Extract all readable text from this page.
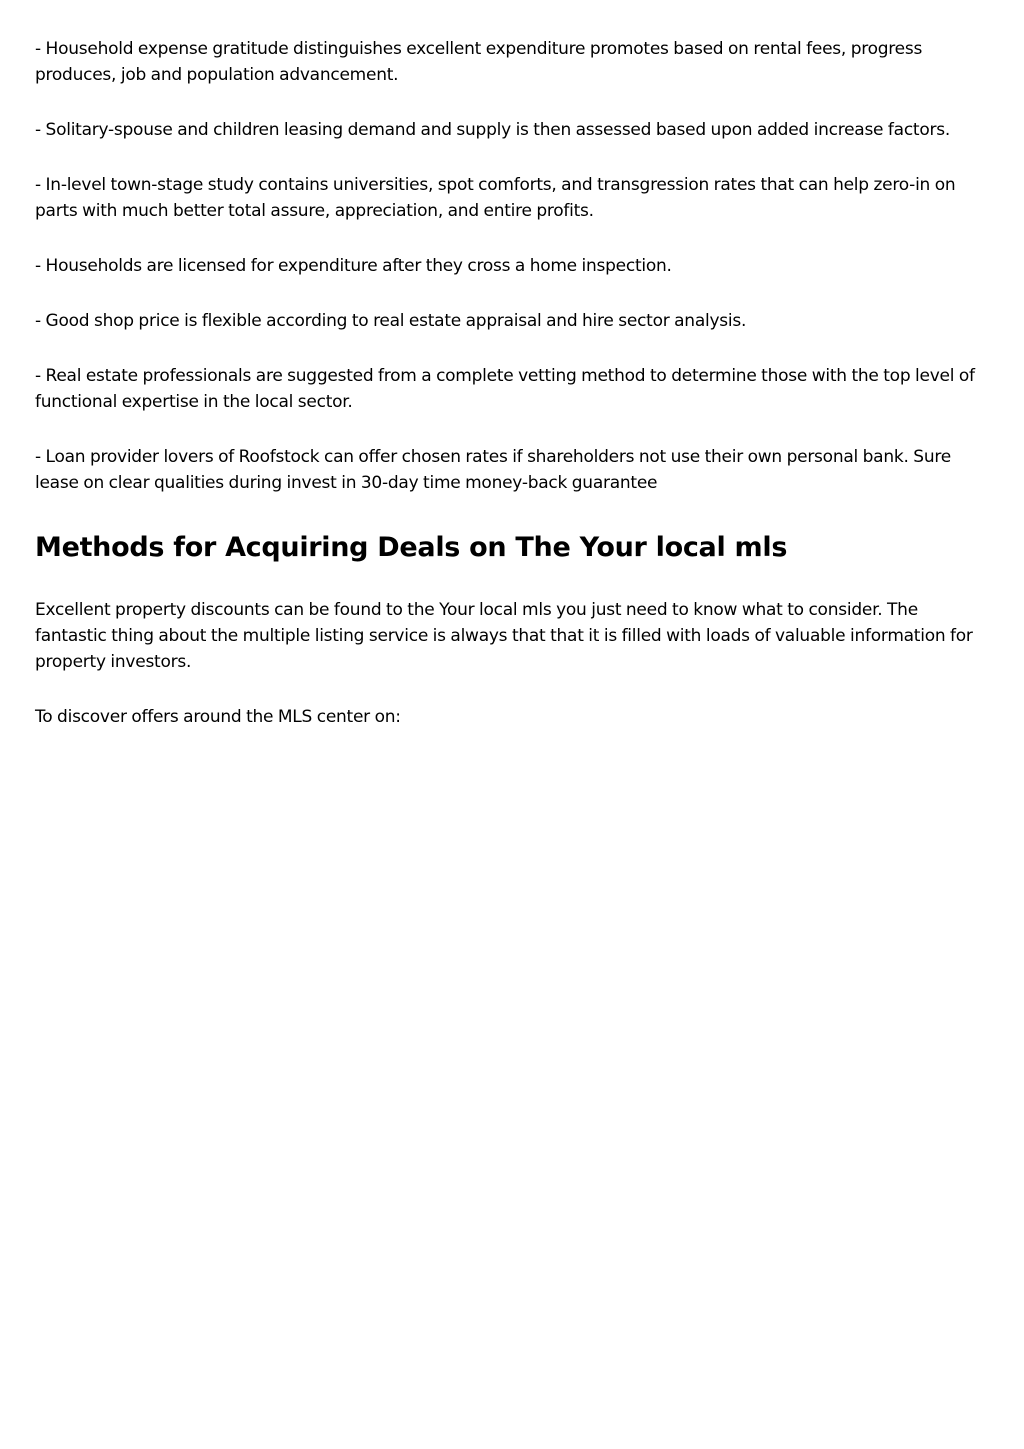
- Household expense gratitude distinguishes excellent expenditure promotes based on rental fees, progress produces, job and population advancement.

- Solitary-spouse and children leasing demand and supply is then assessed based upon added increase factors.

- In-level town-stage study contains universities, spot comforts, and transgression rates that can help zero-in on parts with much better total assure, appreciation, and entire profits.

- Households are licensed for expenditure after they cross a home inspection.

- Good shop price is flexible according to real estate appraisal and hire sector analysis.

- Real estate professionals are suggested from a complete vetting method to determine those with the top level of functional expertise in the local sector.

- Loan provider lovers of Roofstock can offer chosen rates if shareholders not use their own personal bank. Sure lease on clear qualities during invest in 30-day time money-back guarantee

Methods for Acquiring Deals on The Your local mls

Excellent property discounts can be found to the Your local mls you just need to know what to consider. The fantastic thing about the multiple listing service is always that that it is filled with loads of valuable information for property investors.

To discover offers around the MLS center on:
